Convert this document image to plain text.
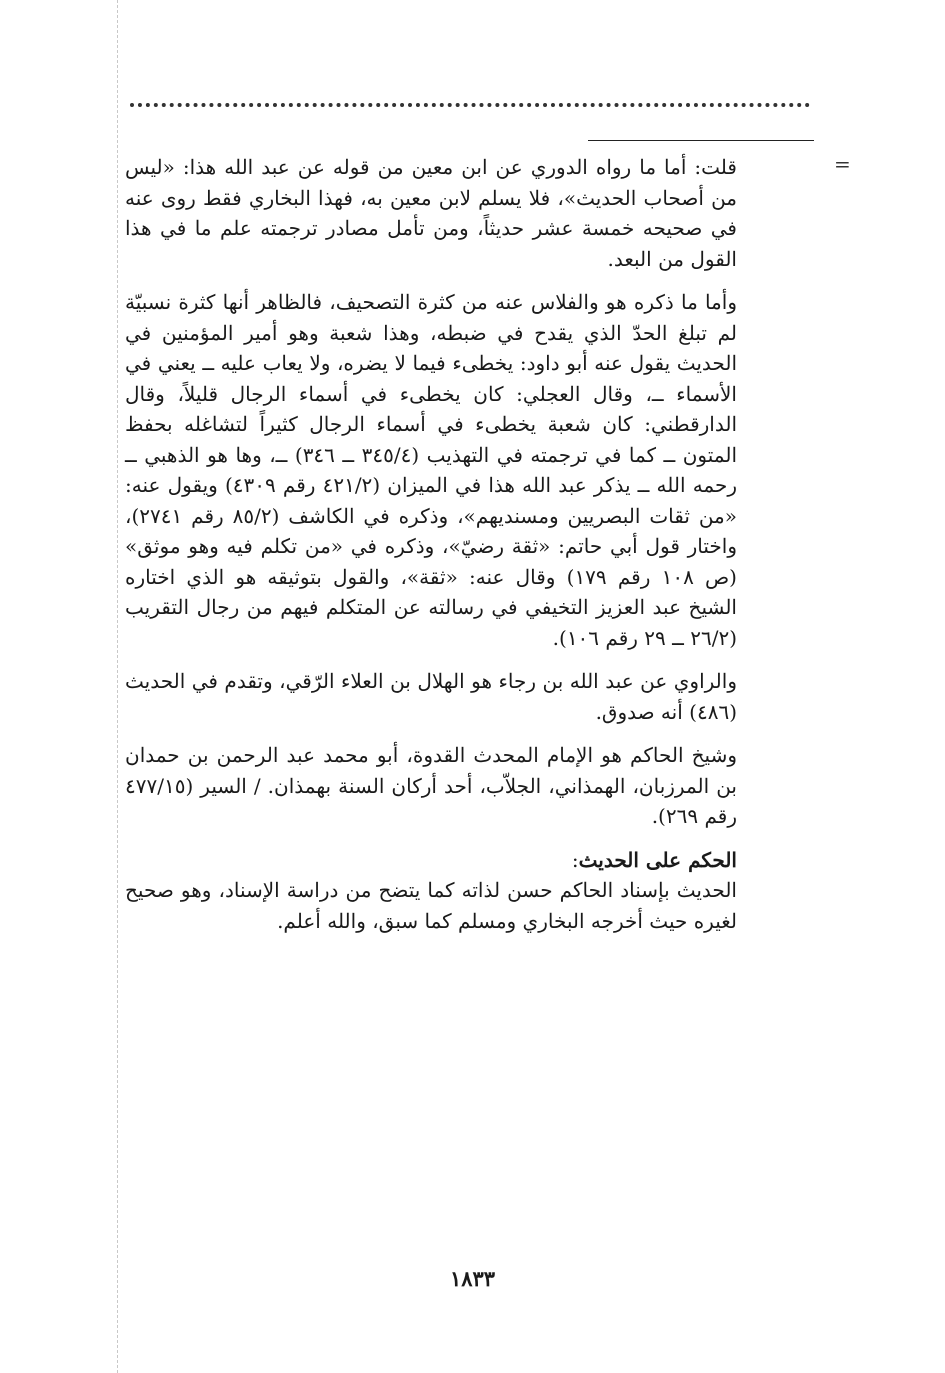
=

قلت: أما ما رواه الدوري عن ابن معين من قوله عن عبد الله هذا: «ليس من أصحاب الحديث»، فلا يسلم لابن معين به، فهذا البخاري فقط روى عنه في صحيحه خمسة عشر حديثاً، ومن تأمل مصادر ترجمته علم ما في هذا القول من البعد.

وأما ما ذكره هو والفلاس عنه من كثرة التصحيف، فالظاهر أنها كثرة نسبيّة لم تبلغ الحدّ الذي يقدح في ضبطه، وهذا شعبة وهو أمير المؤمنين في الحديث يقول عنه أبو داود: يخطىء فيما لا يضره، ولا يعاب عليه ــ يعني في الأسماء ــ، وقال العجلي: كان يخطىء في أسماء الرجال قليلاً، وقال الدارقطني: كان شعبة يخطىء في أسماء الرجال كثيراً لتشاغله بحفظ المتون ــ كما في ترجمته في التهذيب (٣٤٥/٤ ــ ٣٤٦) ــ، وها هو الذهبي ــ رحمه الله ــ يذكر عبد الله هذا في الميزان (٤٢١/٢ رقم ٤٣٠٩) ويقول عنه: «من ثقات البصريين ومسنديهم»، وذكره في الكاشف (٨٥/٢ رقم ٢٧٤١)، واختار قول أبي حاتم: «ثقة رضيّ»، وذكره في «من تكلم فيه وهو موثق» (ص ١٠٨ رقم ١٧٩) وقال عنه: «ثقة»، والقول بتوثيقه هو الذي اختاره الشيخ عبد العزيز التخيفي في رسالته عن المتكلم فيهم من رجال التقريب (٢٦/٢ ــ ٢٩ رقم ١٠٦).

والراوي عن عبد الله بن رجاء هو الهلال بن العلاء الرّقي، وتقدم في الحديث (٤٨٦) أنه صدوق.

وشيخ الحاكم هو الإمام المحدث القدوة، أبو محمد عبد الرحمن بن حمدان بن المرزبان، الهمذاني، الجلاّب، أحد أركان السنة بهمذان. / السير (٤٧٧/١٥ رقم ٢٦٩).

الحكم على الحديث:

الحديث بإسناد الحاكم حسن لذاته كما يتضح من دراسة الإسناد، وهو صحيح لغيره حيث أخرجه البخاري ومسلم كما سبق، والله أعلم.

١٨٣٣
